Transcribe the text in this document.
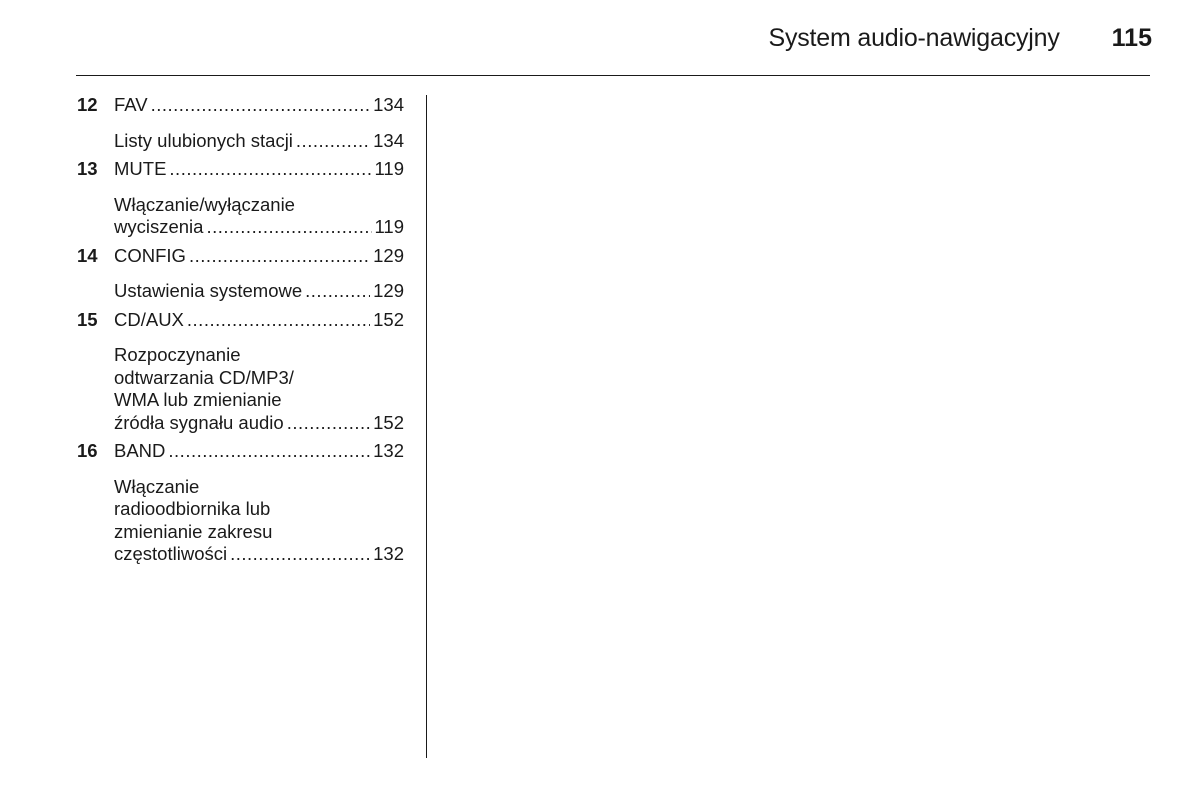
System audio-nawigacyjny 115
12 FAV .....	134
Listy ulubionych stacji .....	134
13 MUTE .....	119
Włączanie/wyłączanie
wyciszenia .....	119
14 CONFIG .....	129
Ustawienia systemowe .....	129
15 CD/AUX .....	152
Rozpoczynanie
odtwarzania CD/MP3/
WMA lub zmienianie
źródła sygnału audio .....	152
16 BAND .....	132
Włączanie
radioodbiornika lub
zmienianie zakresu
częstotliwości .....	132
